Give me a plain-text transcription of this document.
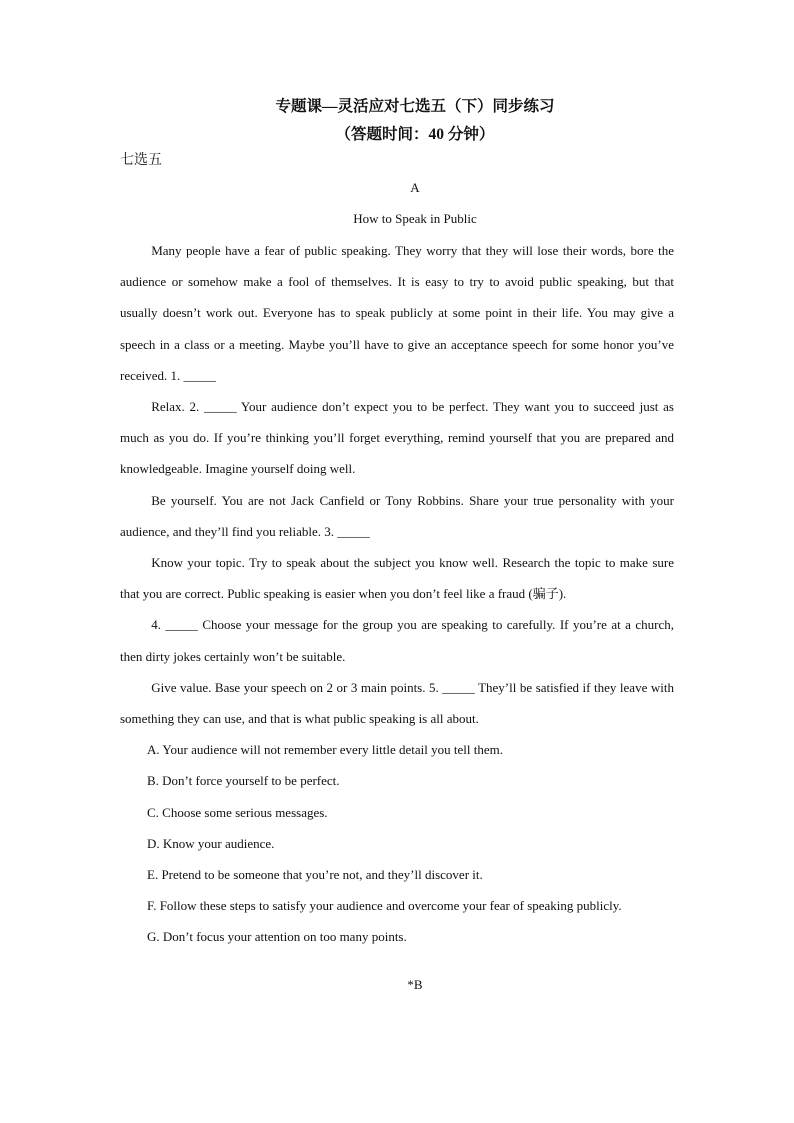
专题课—灵活应对七选五（下）同步练习
（答题时间：40 分钟）

七选五

A

How to Speak in Public

Many people have a fear of public speaking. They worry that they will lose their words, bore the audience or somehow make a fool of themselves. It is easy to try to avoid public speaking, but that usually doesn’t work out. Everyone has to speak publicly at some point in their life. You may give a speech in a class or a meeting. Maybe you’ll have to give an acceptance speech for some honor you’ve received. 1. _____

Relax. 2. _____ Your audience don’t expect you to be perfect. They want you to succeed just as much as you do. If you’re thinking you’ll forget everything, remind yourself that you are prepared and knowledgeable. Imagine yourself doing well.

Be yourself. You are not Jack Canfield or Tony Robbins. Share your true personality with your audience, and they’ll find you reliable. 3. _____

Know your topic. Try to speak about the subject you know well. Research the topic to make sure that you are correct. Public speaking is easier when you don’t feel like a fraud (骗子).

4. _____ Choose your message for the group you are speaking to carefully. If you’re at a church, then dirty jokes certainly won’t be suitable.

Give value. Base your speech on 2 or 3 main points. 5. _____ They’ll be satisfied if they leave with something they can use, and that is what public speaking is all about.

A. Your audience will not remember every little detail you tell them.

B. Don’t force yourself to be perfect.

C. Choose some serious messages.

D. Know your audience.

E. Pretend to be someone that you’re not, and they’ll discover it.

F. Follow these steps to satisfy your audience and overcome your fear of speaking publicly.

G. Don’t focus your attention on too many points.

*B
